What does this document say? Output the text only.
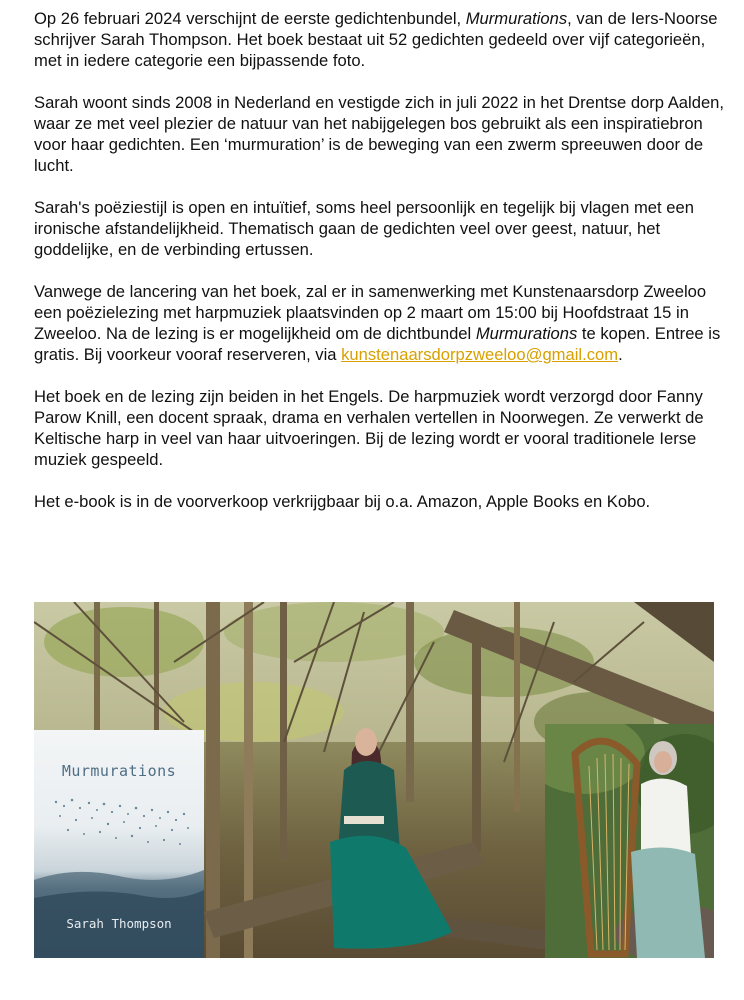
Op 26 februari 2024 verschijnt de eerste gedichtenbundel, Murmurations, van de Iers-Noorse schrijver Sarah Thompson. Het boek bestaat uit 52 gedichten gedeeld over vijf categorieën, met in iedere categorie een bijpassende foto.

Sarah woont sinds 2008 in Nederland en vestigde zich in juli 2022 in het Drentse dorp Aalden, waar ze met veel plezier de natuur van het nabijgelegen bos gebruikt als een inspiratiebron voor haar gedichten. Een ‘murmuration’ is de beweging van een zwerm spreeuwen door de lucht.

Sarah's poëziestijl is open en intuïtief, soms heel persoonlijk en tegelijk bij vlagen met een ironische afstandelijkheid. Thematisch gaan de gedichten veel over geest, natuur, het goddelijke, en de verbinding ertussen.

Vanwege de lancering van het boek, zal er in samenwerking met Kunstenaarsdorp Zweeloo een poëzielezing met harpmuziek plaatsvinden op 2 maart om 15:00 bij Hoofdstraat 15 in Zweeloo. Na de lezing is er mogelijkheid om de dichtbundel Murmurations te kopen. Entree is gratis. Bij voorkeur vooraf reserveren, via kunstenaarsdorpzweeloo@gmail.com.

Het boek en de lezing zijn beiden in het Engels. De harpmuziek wordt verzorgd door Fanny Parow Knill, een docent spraak, drama en verhalen vertellen in Noorwegen. Ze verwerkt de Keltische harp in veel van haar uitvoeringen. Bij de lezing wordt er vooral traditionele Ierse muziek gespeeld.

Het e-book is in de voorverkoop verkrijgbaar bij o.a. Amazon, Apple Books en Kobo.

Murmurations
Sarah Thompson
